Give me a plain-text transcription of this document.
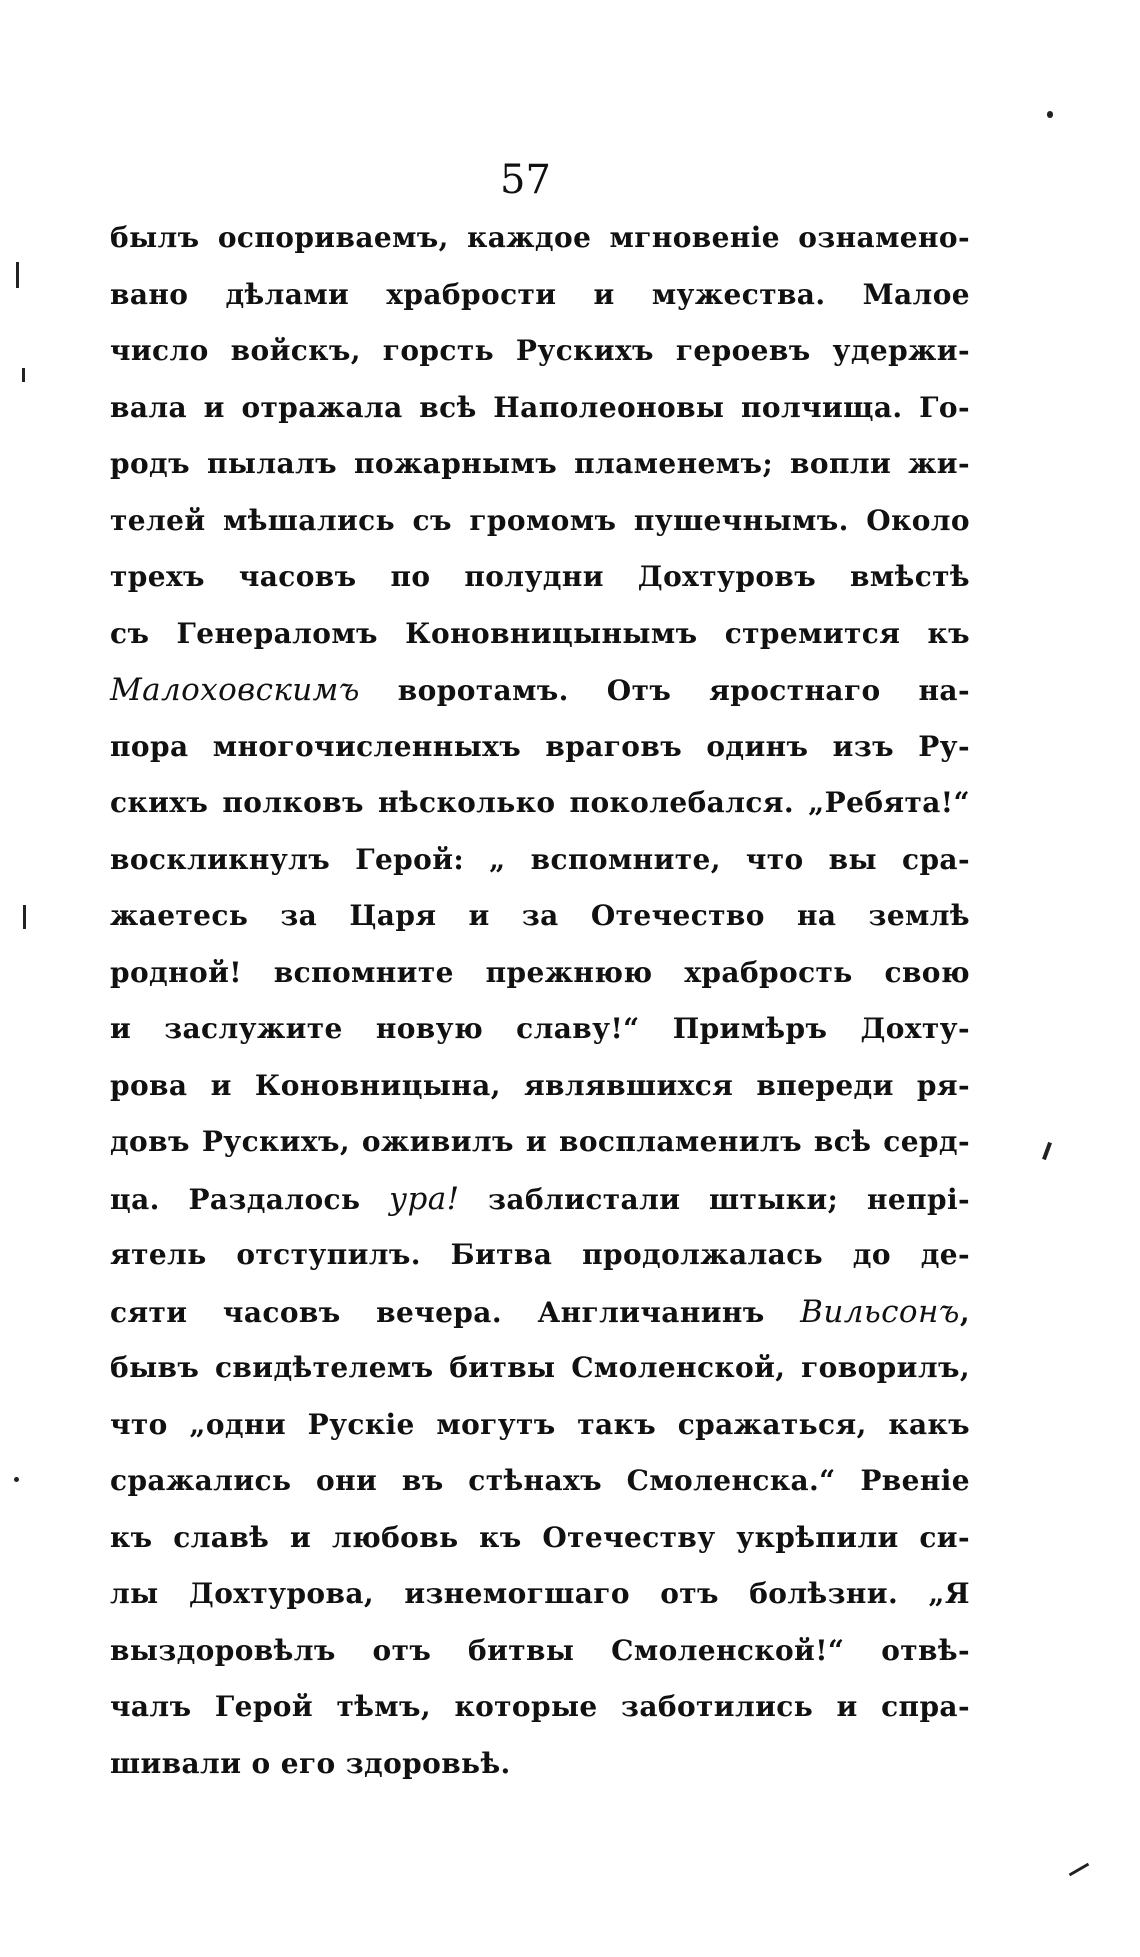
57
былъ оспориваемъ, каждое мгновеніе ознамено-
вано дѣлами храбрости и мужества. Малое
число войскъ, горсть Рускихъ героевъ удержи-
вала и отражала всѣ Наполеоновы полчища. Го-
родъ пылалъ пожарнымъ пламенемъ; вопли жи-
телей мѣшались съ громомъ пушечнымъ. Около
трехъ часовъ по полудни Дохтуровъ вмѣстѣ
съ Генераломъ Коновницынымъ стремится къ
Малоховскимъ воротамъ. Отъ яростнаго на-
пора многочисленныхъ враговъ одинъ изъ Ру-
скихъ полковъ нѣсколько поколебался. „Ребята!“
воскликнулъ Герой: „ вспомните, что вы сра-
жаетесь за Царя и за Отечество на землѣ
родной! вспомните прежнюю храбрость свою
и заслужите новую славу!“ Примѣръ Дохту-
рова и Коновницына, являвшихся впереди ря-
довъ Рускихъ, оживилъ и воспламенилъ всѣ серд-
ца. Раздалось ура! заблистали штыки; непрі-
ятель отступилъ. Битва продолжалась до де-
сяти часовъ вечера. Англичанинъ Вильсонъ,
бывъ свидѣтелемъ битвы Смоленской, говорилъ,
что „одни Рускіе могутъ такъ сражаться, какъ
сражались они въ стѣнахъ Смоленска.“ Рвеніе
къ славѣ и любовь къ Отечеству укрѣпили си-
лы Дохтурова, изнемогшаго отъ болѣзни. „Я
выздоровѣлъ отъ битвы Смоленской!“ отвѣ-
чалъ Герой тѣмъ, которые заботились и спра-
шивали о его здоровьѣ.
